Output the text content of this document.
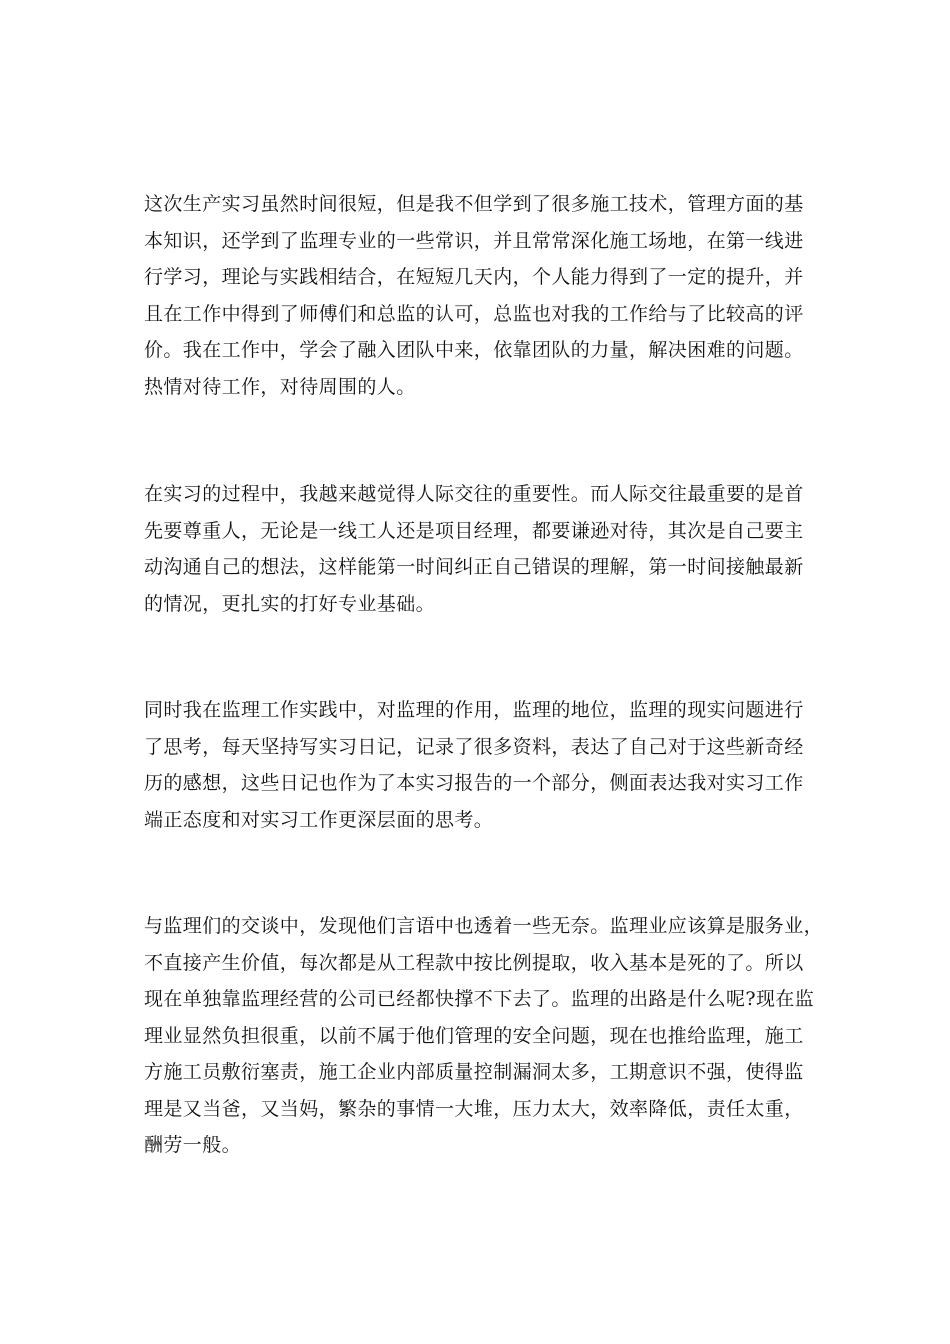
这次生产实习虽然时间很短，但是我不但学到了很多施工技术，管理方面的基
本知识，还学到了监理专业的一些常识，并且常常深化施工场地，在第一线进
行学习，理论与实践相结合，在短短几天内，个人能力得到了一定的提升，并
且在工作中得到了师傅们和总监的认可，总监也对我的工作给与了比较高的评
价。我在工作中，学会了融入团队中来，依靠团队的力量，解决困难的问题。
热情对待工作，对待周围的人。
在实习的过程中，我越来越觉得人际交往的重要性。而人际交往最重要的是首
先要尊重人，无论是一线工人还是项目经理，都要谦逊对待，其次是自己要主
动沟通自己的想法，这样能第一时间纠正自己错误的理解，第一时间接触最新
的情况，更扎实的打好专业基础。
同时我在监理工作实践中，对监理的作用，监理的地位，监理的现实问题进行
了思考，每天坚持写实习日记，记录了很多资料，表达了自己对于这些新奇经
历的感想，这些日记也作为了本实习报告的一个部分，侧面表达我对实习工作
端正态度和对实习工作更深层面的思考。
与监理们的交谈中，发现他们言语中也透着一些无奈。监理业应该算是服务业，
不直接产生价值，每次都是从工程款中按比例提取，收入基本是死的了。所以
现在单独靠监理经营的公司已经都快撑不下去了。监理的出路是什么呢?现在监
理业显然负担很重，以前不属于他们管理的安全问题，现在也推给监理，施工
方施工员敷衍塞责，施工企业内部质量控制漏洞太多，工期意识不强，使得监
理是又当爸，又当妈，繁杂的事情一大堆，压力太大，效率降低，责任太重，
酬劳一般。
